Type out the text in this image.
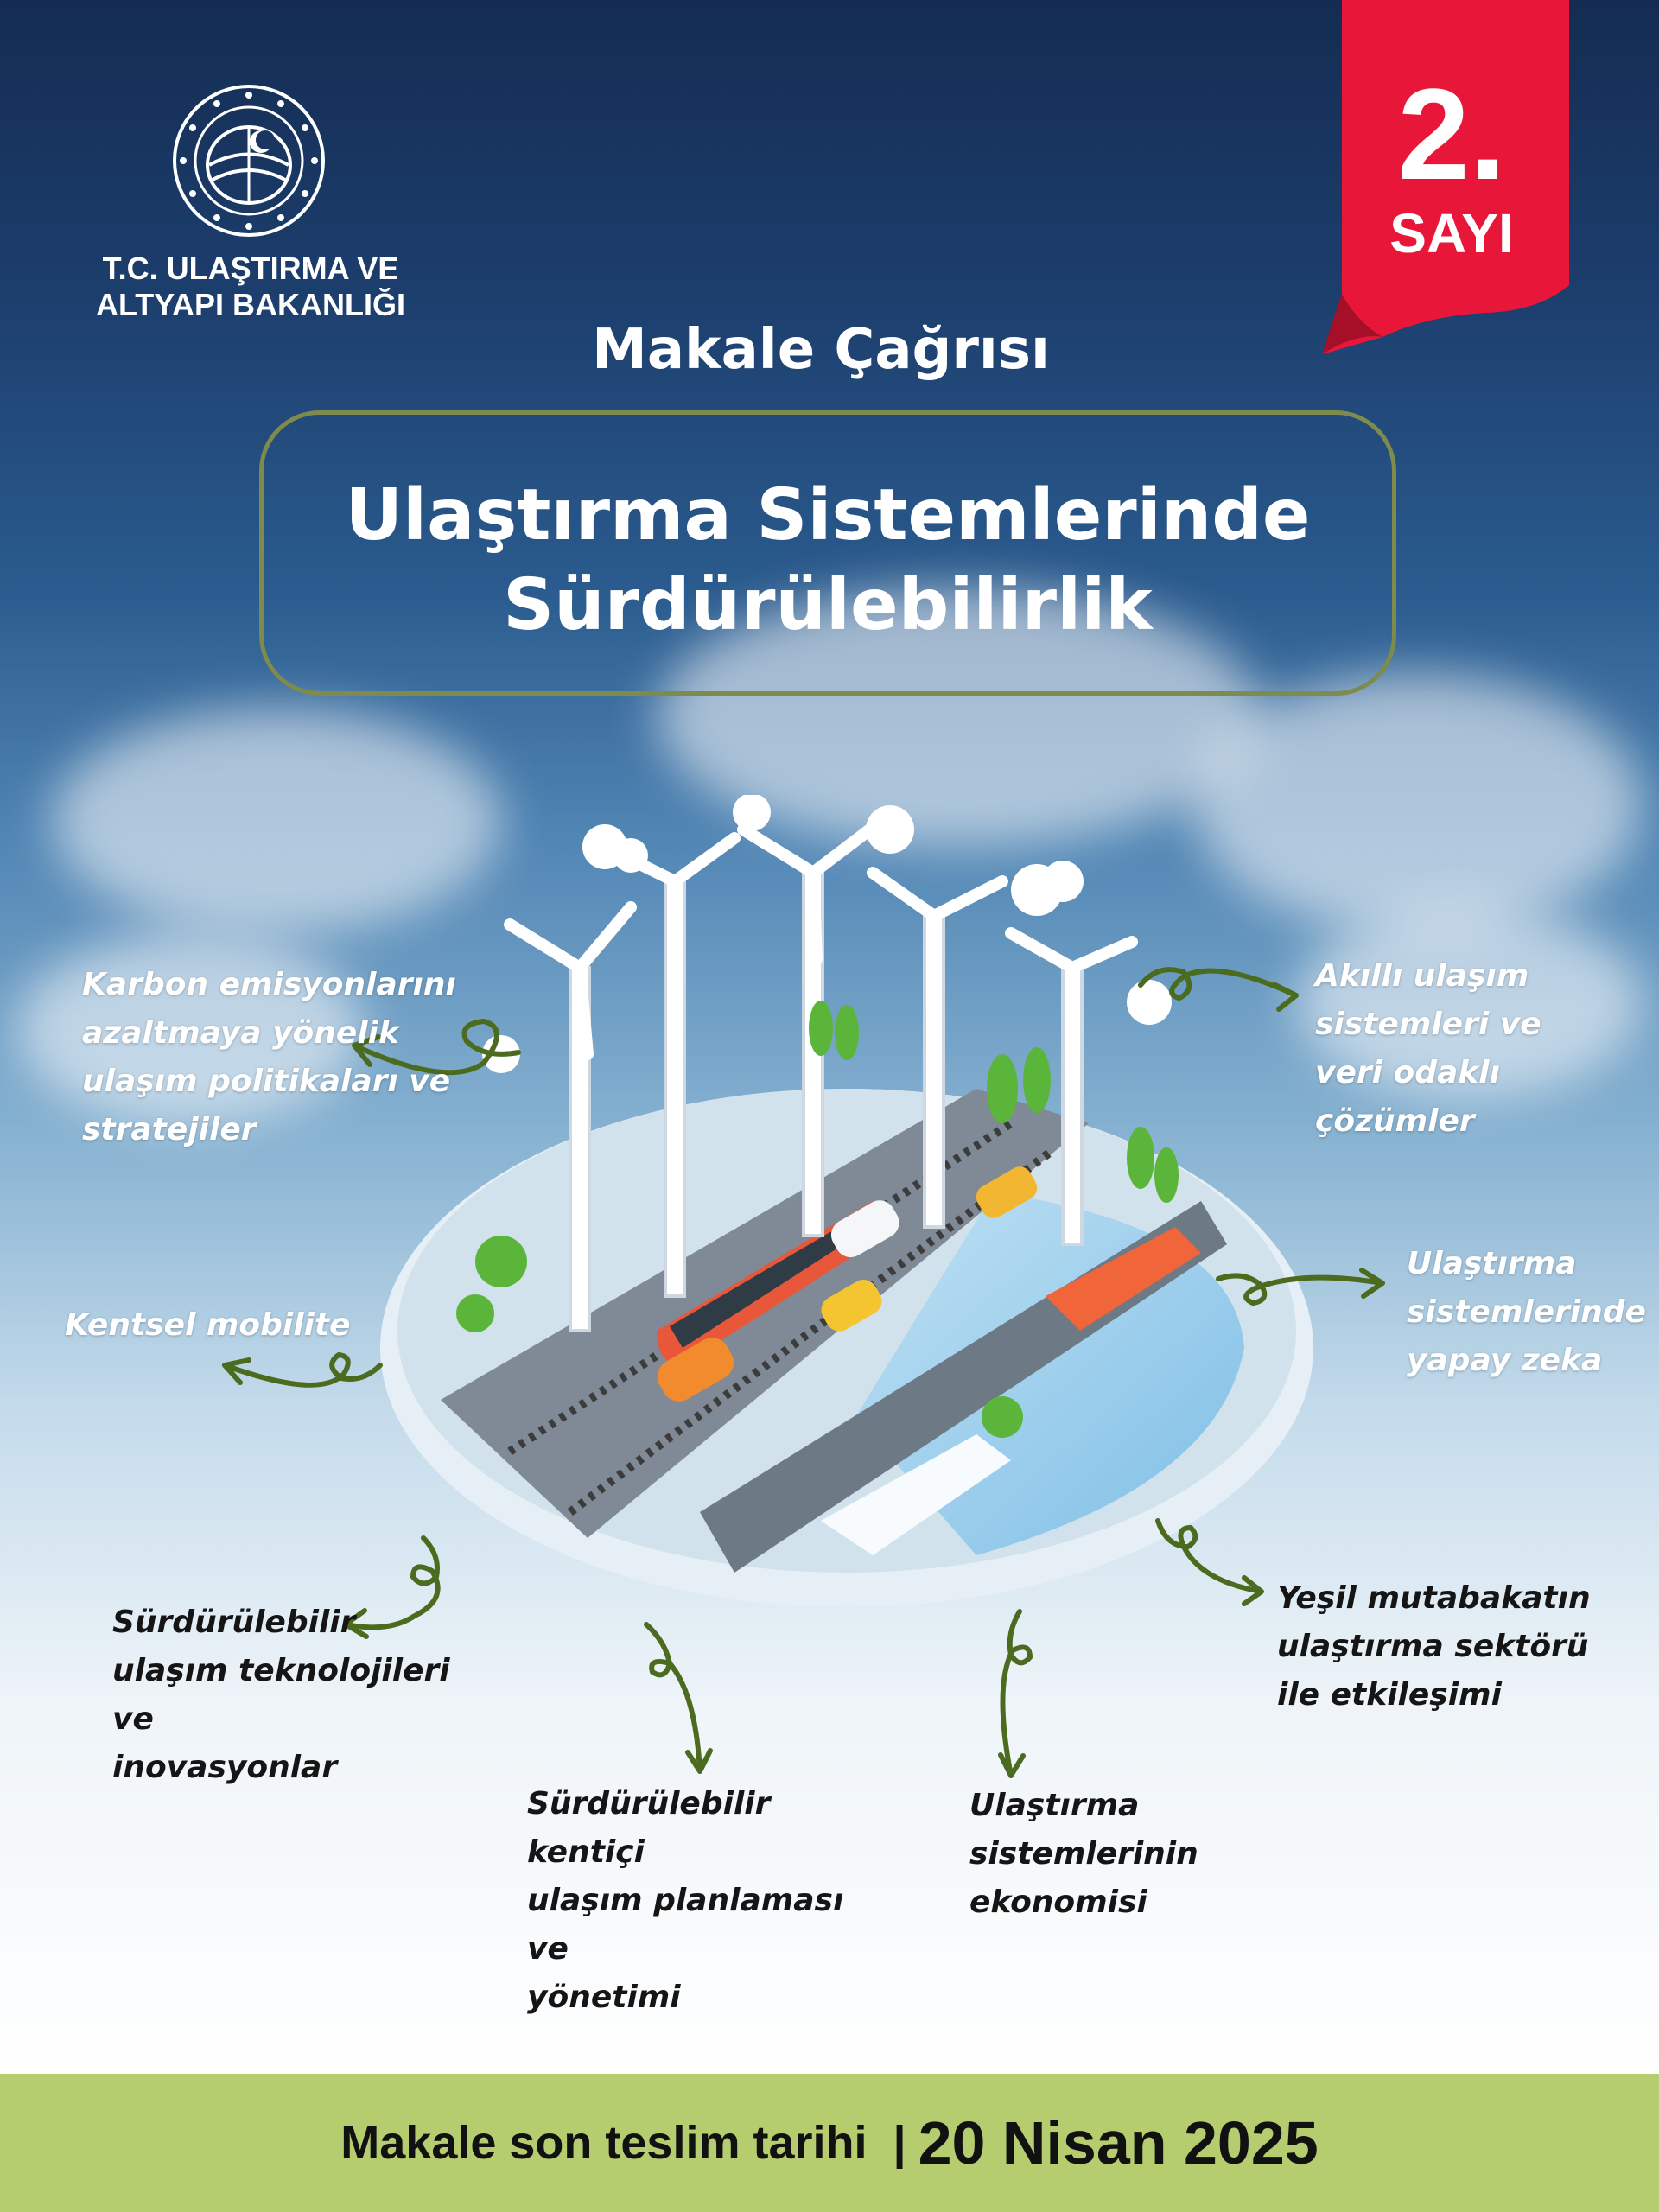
T.C. ULAŞTIRMA VE
ALTYAPI BAKANLIĞI
2.
SAYI
Makale Çağrısı
Ulaştırma Sistemlerinde
Sürdürülebilirlik
Karbon emisyonlarını
azaltmaya yönelik
ulaşım politikaları ve
stratejiler
Akıllı ulaşım
sistemleri ve
veri odaklı çözümler
Kentsel mobilite
Ulaştırma
sistemlerinde
yapay zeka
Sürdürülebilir
ulaşım teknolojileri ve
inovasyonlar
Yeşil mutabakatın
ulaştırma sektörü
ile etkileşimi
Sürdürülebilir kentiçi
ulaşım planlaması ve
yönetimi
Ulaştırma
sistemlerinin
ekonomisi
Makale son teslim tarihi | 20 Nisan 2025
